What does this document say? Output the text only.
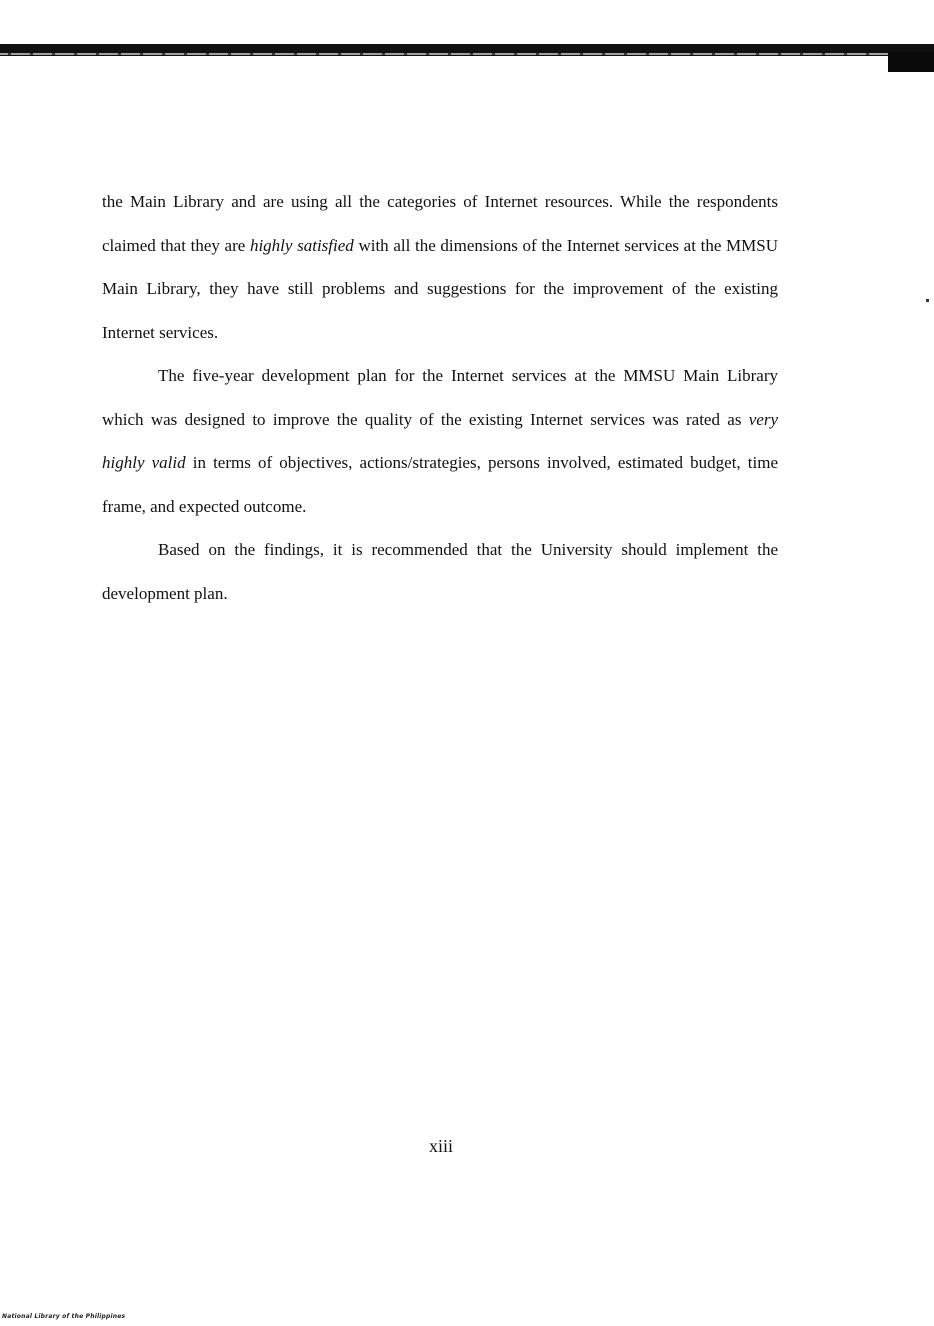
the Main Library and are using all the categories of Internet resources. While the respondents claimed that they are highly satisfied with all the dimensions of the Internet services at the MMSU Main Library, they have still problems and suggestions for the improvement of the existing Internet services.

The five-year development plan for the Internet services at the MMSU Main Library which was designed to improve the quality of the existing Internet services was rated as very highly valid in terms of objectives, actions/strategies, persons involved, estimated budget, time frame, and expected outcome.

Based on the findings, it is recommended that the University should implement the development plan.

xiii
National Library of the Philippines
